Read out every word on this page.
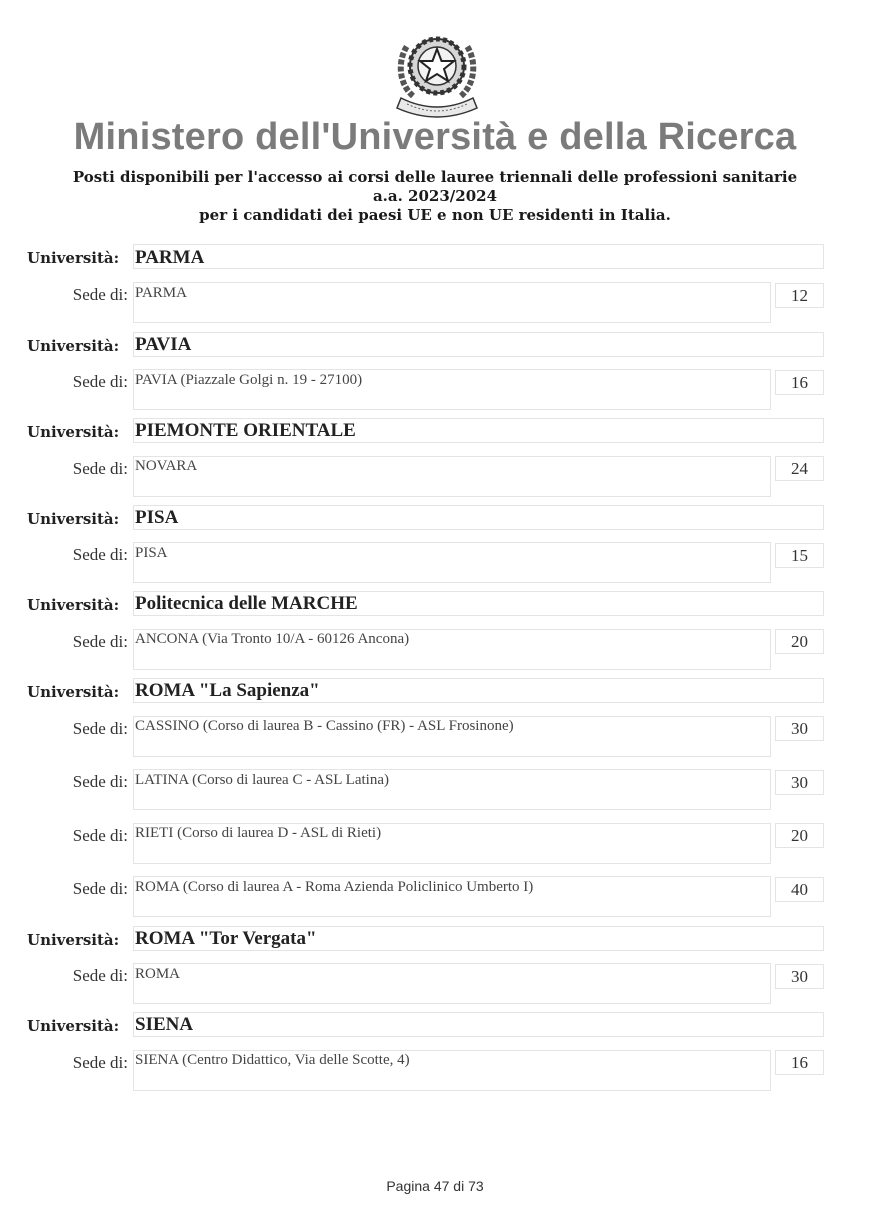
Ministero dell'Università e della Ricerca
Posti disponibili per l'accesso ai corsi delle lauree triennali delle professioni sanitarie
a.a. 2023/2024
per i candidati dei paesi UE e non UE residenti in Italia.
Università: PARMA
Sede di: PARMA	12
Università: PAVIA
Sede di: PAVIA (Piazzale Golgi n. 19 - 27100)	16
Università: PIEMONTE ORIENTALE
Sede di: NOVARA	24
Università: PISA
Sede di: PISA	15
Università: Politecnica delle MARCHE
Sede di: ANCONA (Via Tronto 10/A - 60126 Ancona)	20
Università: ROMA "La Sapienza"
Sede di: CASSINO (Corso di laurea B - Cassino (FR) - ASL Frosinone)	30
Sede di: LATINA (Corso di laurea C - ASL Latina)	30
Sede di: RIETI (Corso di laurea D - ASL di Rieti)	20
Sede di: ROMA (Corso di laurea A - Roma Azienda Policlinico Umberto I)	40
Università: ROMA "Tor Vergata"
Sede di: ROMA	30
Università: SIENA
Sede di: SIENA (Centro Didattico, Via delle Scotte, 4)	16
Pagina 47 di 73
